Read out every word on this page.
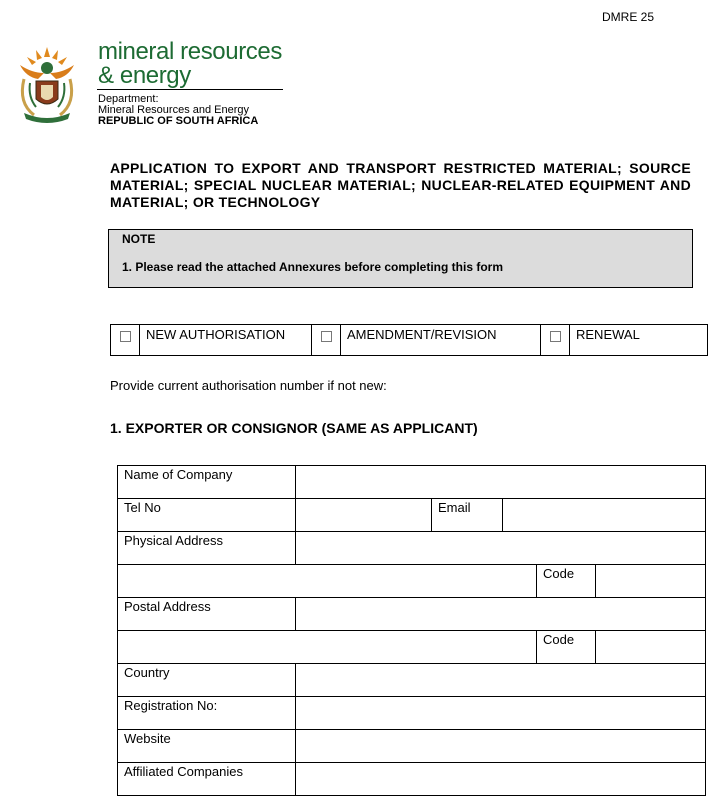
DMRE 25
mineral resources
& energy
Department:
Mineral Resources and Energy
REPUBLIC OF SOUTH AFRICA
APPLICATION TO EXPORT AND TRANSPORT RESTRICTED MATERIAL; SOURCE MATERIAL; SPECIAL NUCLEAR MATERIAL; NUCLEAR-RELATED EQUIPMENT AND MATERIAL; OR TECHNOLOGY
NOTE
1. Please read the attached Annexures before completing this form
	NEW AUTHORISATION		AMENDMENT/REVISION		RENEWAL
Provide current authorisation number if not new:
1. EXPORTER OR CONSIGNOR (SAME AS APPLICANT)
Name of Company					
Tel No		Email			
Physical Address					
				Code	
Postal Address					
				Code	
Country					
Registration No:					
Website					
Affiliated Companies					
